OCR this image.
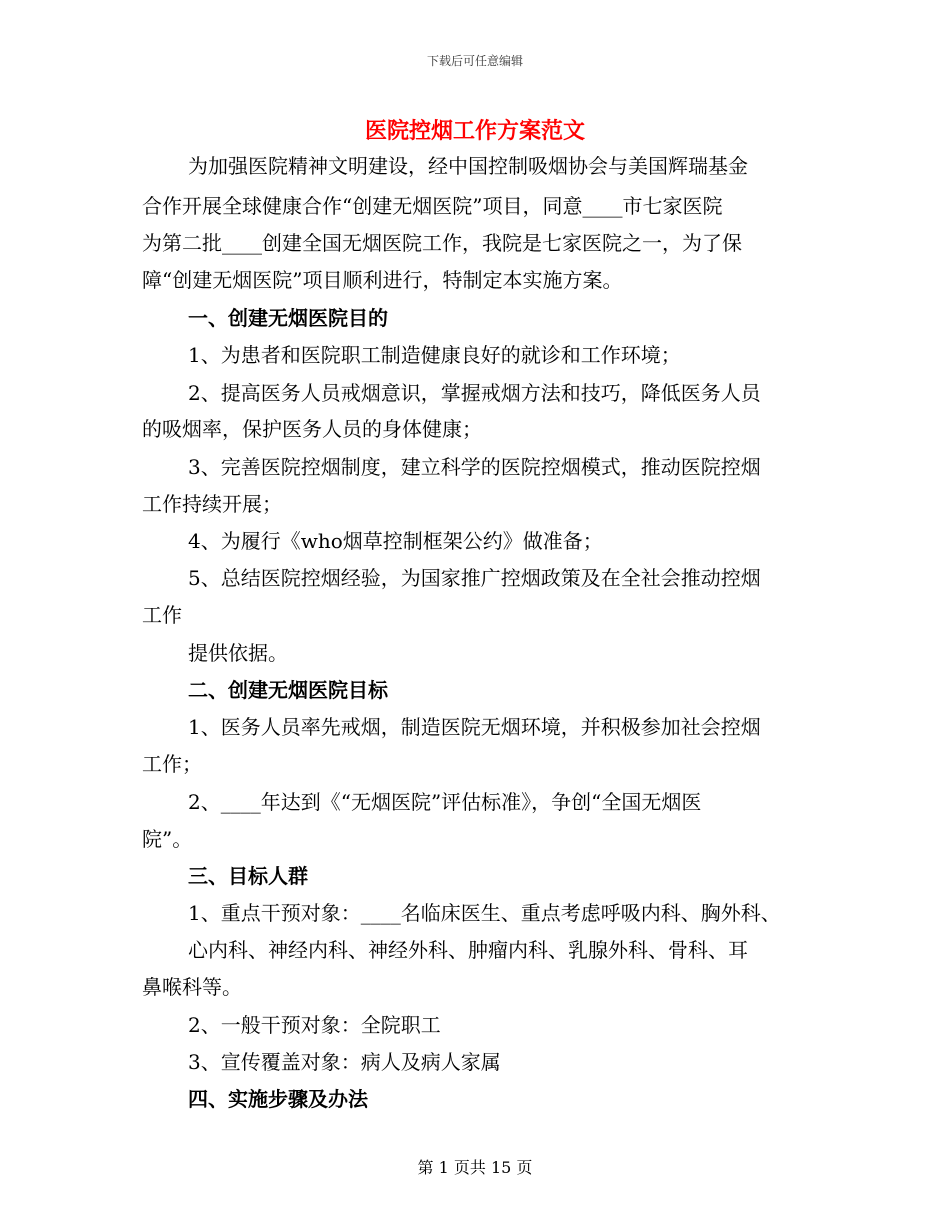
下载后可任意编辑
医院控烟工作方案范文
为加强医院精神文明建设，经中国控制吸烟协会与美国辉瑞基金
合作开展全球健康合作“创建无烟医院”项目，同意____市七家医院
为第二批____创建全国无烟医院工作，我院是七家医院之一，为了保
障“创建无烟医院”项目顺利进行，特制定本实施方案。
一、创建无烟医院目的
1、为患者和医院职工制造健康良好的就诊和工作环境；
2、提高医务人员戒烟意识，掌握戒烟方法和技巧，降低医务人员
的吸烟率，保护医务人员的身体健康；
3、完善医院控烟制度，建立科学的医院控烟模式，推动医院控烟
工作持续开展；
4、为履行《who烟草控制框架公约》做准备；
5、总结医院控烟经验，为国家推广控烟政策及在全社会推动控烟
工作
提供依据。
二、创建无烟医院目标
1、医务人员率先戒烟，制造医院无烟环境，并积极参加社会控烟
工作；
2、____年达到《“无烟医院”评估标准》，争创“全国无烟医
院”。
三、目标人群
1、重点干预对象：____名临床医生、重点考虑呼吸内科、胸外科、
心内科、神经内科、神经外科、肿瘤内科、乳腺外科、骨科、耳
鼻喉科等。
2、一般干预对象：全院职工
3、宣传覆盖对象：病人及病人家属
四、实施步骤及办法
第 1 页共 15 页
